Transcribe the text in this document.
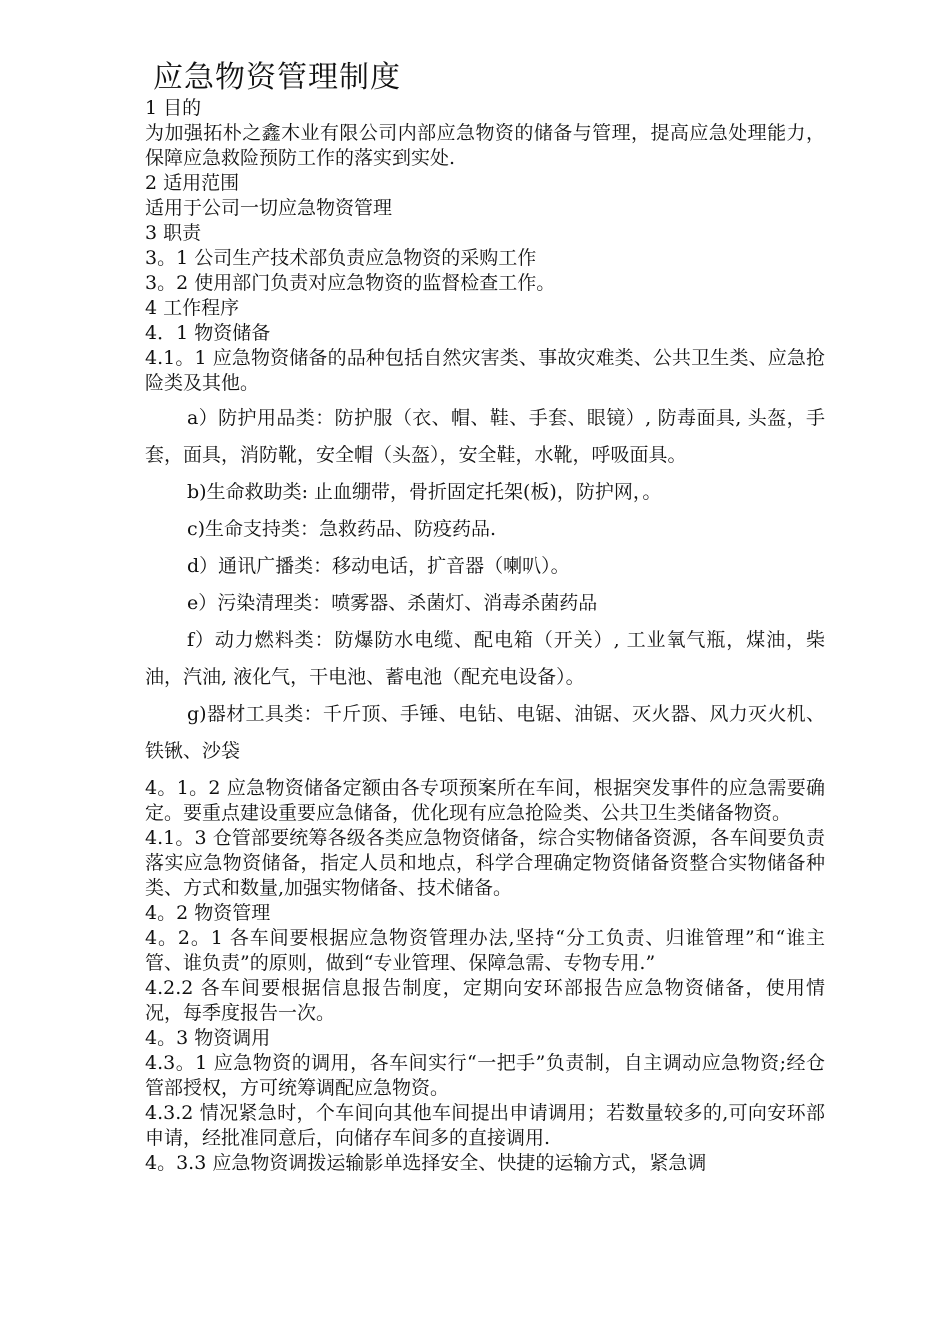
应急物资管理制度

1 目的

为加强拓朴之鑫木业有限公司内部应急物资的储备与管理，提高应急处理能力，保障应急救险预防工作的落实到实处.

2 适用范围

适用于公司一切应急物资管理

3 职责

3。1 公司生产技术部负责应急物资的采购工作

3。2 使用部门负责对应急物资的监督检查工作。

4 工作程序

4．1 物资储备

4.1。1 应急物资储备的品种包括自然灾害类、事故灾难类、公共卫生类、应急抢险类及其他。

a）防护用品类：防护服（衣、帽、鞋、手套、眼镜）, 防毒面具, 头盔，手套，面具，消防靴，安全帽（头盔），安全鞋，水靴，呼吸面具。

b)生命救助类: 止血绷带，骨折固定托架(板)，防护网，。

c)生命支持类：急救药品、防疫药品.

d）通讯广播类：移动电话，扩音器（喇叭）。

e）污染清理类：喷雾器、杀菌灯、消毒杀菌药品

f）动力燃料类：防爆防水电缆、配电箱（开关）, 工业氧气瓶，煤油，柴油，汽油, 液化气，干电池、蓄电池（配充电设备）。

g)器材工具类：千斤顶、手锤、电钻、电锯、油锯、灭火器、风力灭火机、铁锹、沙袋

4。1。2 应急物资储备定额由各专项预案所在车间，根据突发事件的应急需要确定。要重点建设重要应急储备，优化现有应急抢险类、公共卫生类储备物资。

4.1。3 仓管部要统筹各级各类应急物资储备，综合实物储备资源，各车间要负责落实应急物资储备，指定人员和地点，科学合理确定物资储备资整合实物储备种类、方式和数量,加强实物储备、技术储备。

4。2 物资管理

4。2。1 各车间要根据应急物资管理办法,坚持“分工负责、归谁管理”和“谁主管、谁负责”的原则，做到“专业管理、保障急需、专物专用.”

4.2.2 各车间要根据信息报告制度，定期向安环部报告应急物资储备，使用情况，每季度报告一次。

4。3 物资调用

4.3。1 应急物资的调用，各车间实行“一把手”负责制，自主调动应急物资;经仓管部授权，方可统筹调配应急物资。

4.3.2 情况紧急时，个车间向其他车间提出申请调用；若数量较多的,可向安环部申请，经批准同意后，向储存车间多的直接调用.

4。3.3 应急物资调拨运输影单选择安全、快捷的运输方式，紧急调
